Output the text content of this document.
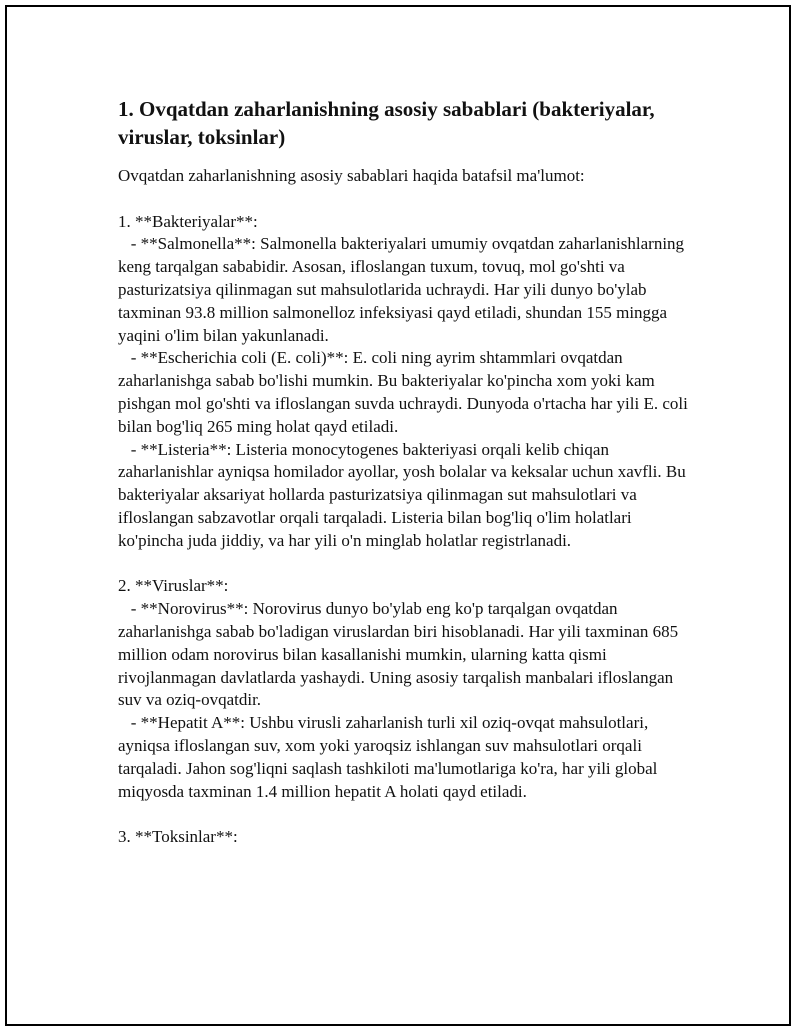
1. Ovqatdan zaharlanishning asosiy sabablari (bakteriyalar, viruslar, toksinlar)

Ovqatdan zaharlanishning asosiy sabablari haqida batafsil ma'lumot:

1. **Bakteriyalar**:

- **Salmonella**: Salmonella bakteriyalari umumiy ovqatdan zaharlanishlarning keng tarqalgan sababidir. Asosan, ifloslangan tuxum, tovuq, mol go'shti va pasturizatsiya qilinmagan sut mahsulotlarida uchraydi. Har yili dunyo bo'ylab taxminan 93.8 million salmonelloz infeksiyasi qayd etiladi, shundan 155 mingga yaqini o'lim bilan yakunlanadi.

- **Escherichia coli (E. coli)**: E. coli ning ayrim shtammlari ovqatdan zaharlanishga sabab bo'lishi mumkin. Bu bakteriyalar ko'pincha xom yoki kam pishgan mol go'shti va ifloslangan suvda uchraydi. Dunyoda o'rtacha har yili E. coli bilan bog'liq 265 ming holat qayd etiladi.

- **Listeria**: Listeria monocytogenes bakteriyasi orqali kelib chiqan zaharlanishlar ayniqsa homilador ayollar, yosh bolalar va keksalar uchun xavfli. Bu bakteriyalar aksariyat hollarda pasturizatsiya qilinmagan sut mahsulotlari va ifloslangan sabzavotlar orqali tarqaladi. Listeria bilan bog'liq o'lim holatlari ko'pincha juda jiddiy, va har yili o'n minglab holatlar registrlanadi.

2. **Viruslar**:

- **Norovirus**: Norovirus dunyo bo'ylab eng ko'p tarqalgan ovqatdan zaharlanishga sabab bo'ladigan viruslardan biri hisoblanadi. Har yili taxminan 685 million odam norovirus bilan kasallanishi mumkin, ularning katta qismi rivojlanmagan davlatlarda yashaydi. Uning asosiy tarqalish manbalari ifloslangan suv va oziq-ovqatdir.

- **Hepatit A**: Ushbu virusli zaharlanish turli xil oziq-ovqat mahsulotlari, ayniqsa ifloslangan suv, xom yoki yaroqsiz ishlangan suv mahsulotlari orqali tarqaladi. Jahon sog'liqni saqlash tashkiloti ma'lumotlariga ko'ra, har yili global miqyosda taxminan 1.4 million hepatit A holati qayd etiladi.

3. **Toksinlar**:
